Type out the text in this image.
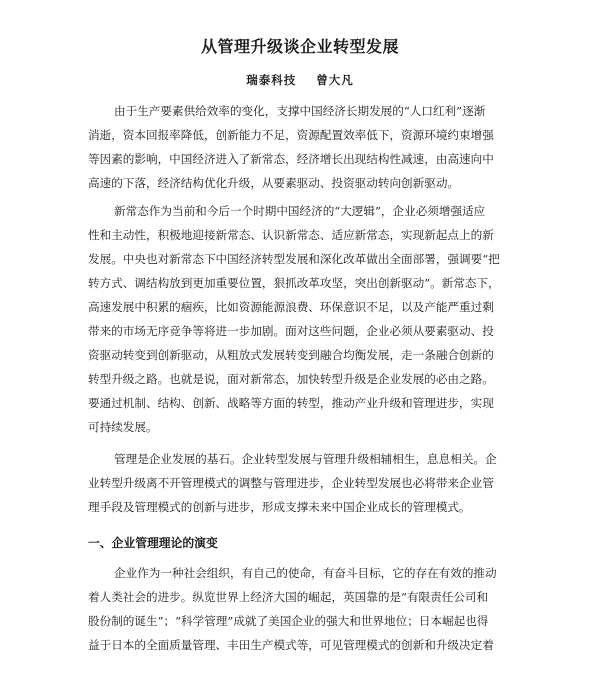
从管理升级谈企业转型发展
瑞泰科技 曾大凡
由于生产要素供给效率的变化，支撑中国经济长期发展的“人口红利”逐渐
消逝，资本回报率降低，创新能力不足，资源配置效率低下，资源环境约束增强
等因素的影响，中国经济进入了新常态，经济增长出现结构性减速，由高速向中
高速的下落，经济结构优化升级，从要素驱动、投资驱动转向创新驱动。
新常态作为当前和今后一个时期中国经济的“大逻辑”，企业必须增强适应
性和主动性，积极地迎接新常态、认识新常态、适应新常态，实现新起点上的新
发展。中央也对新常态下中国经济转型发展和深化改革做出全面部署，强调要“把
转方式、调结构放到更加重要位置，狠抓改革攻坚，突出创新驱动”。新常态下，
高速发展中积累的痼疾，比如资源能源浪费、环保意识不足，以及产能严重过剩
带来的市场无序竞争等将进一步加剧。面对这些问题，企业必须从要素驱动、投
资驱动转变到创新驱动，从粗放式发展转变到融合均衡发展，走一条融合创新的
转型升级之路。也就是说，面对新常态，加快转型升级是企业发展的必由之路。
要通过机制、结构、创新、战略等方面的转型，推动产业升级和管理进步，实现
可持续发展。
管理是企业发展的基石。企业转型发展与管理升级相辅相生，息息相关。企
业转型升级离不开管理模式的调整与管理进步，企业转型发展也必将带来企业管
理手段及管理模式的创新与进步，形成支撑未来中国企业成长的管理模式。
一、企业管理理论的演变
企业作为一种社会组织，有自己的使命，有奋斗目标，它的存在有效的推动
着人类社会的进步。纵览世界上经济大国的崛起，英国靠的是“有限责任公司和
股份制的诞生”；“科学管理”成就了美国企业的强大和世界地位；日本崛起也得
益于日本的全面质量管理、丰田生产模式等，可见管理模式的创新和升级决定着
